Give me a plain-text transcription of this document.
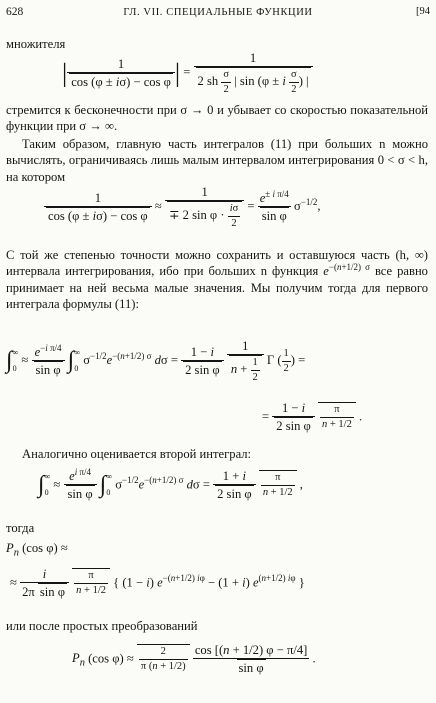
628	ГЛ. VII. СПЕЦИАЛЬНЫЕ ФУНКЦИИ	[94
множителя
| $\frac{1}{\text{cos (φ ± iσ) − cos φ}}$ | = $\frac{1}{2 sh \frac{\sigma}{2} | \sin (\varphi \pm i \frac{\sigma}{2} ) |}$
стремится к бесконечности при σ → 0 и убывает со скоростью показательной функции при σ → ∞.
Таким образом, главную часть интегралов (11) при больших n можно вычислять, ограничиваясь лишь малым интервалом интегрирования 0 < σ < h, на котором
$\frac{1}{\text{cos (φ ± iσ) − cos φ}} \approx \frac{1}{\mp 2 \sin \varphi \cdot \frac{i\sigma}{2}} = \frac{e^{\pm i \pi/4}}{\text{sin φ}} \sigma^{-1/2}$,
С той же степенью точности можно сохранить и оставшуюся часть (h, ∞) интервала интегрирования, ибо при больших n функция $e^{-(n+1/2) \sigma}$ все равно принимает на ней весьма малые значения. Мы получим тогда для первого интеграла формулы (11):
∫∞

$0 \approx \frac{e^{-i \pi/4}}{\text{sin φ}}$ ∫∞

0 $\sigma^{-1/2}e^{-(n+1/2) \sigma}$ $d\sigma = \frac{1 - i}{\text{2 sin φ}}$
$\frac{1}{n + \frac{1}{2}}$ Γ ( $\frac{1}{2}$ ) =
= $\frac{1 - i}{\text{2 sin φ}}$
$\frac{\pi}{n + 1/2}$ .
Аналогично оценивается второй интеграл:
∫∞

$0 \approx \frac{e^{i \pi/4}}{\text{sin φ}}$ ∫∞

0 $\sigma^{-1/2}e^{-(n+1/2) \sigma}$ $d\sigma = \frac{1 + i}{\text{2 sin φ}}$
$\frac{\pi}{n + 1/2}$ ,
тогда
$P_n$ (cos φ) ≈
≈ $\frac{i}{\text{2π sin φ}}$
$\frac{\pi}{n + 1/2}$ { (1 − i) $e^{-(n+1/2) i\varphi} - (1 + i)$ $e^{(n+1/2) i\varphi}$ }
или после простых преобразований
$P_n$ (cos $\varphi) \approx \frac{2}{\pi (n + 1/2)}$
$\frac{\cos [(n + 1/2) \varphi - \pi/4]}{\text{sin φ}}$ .
